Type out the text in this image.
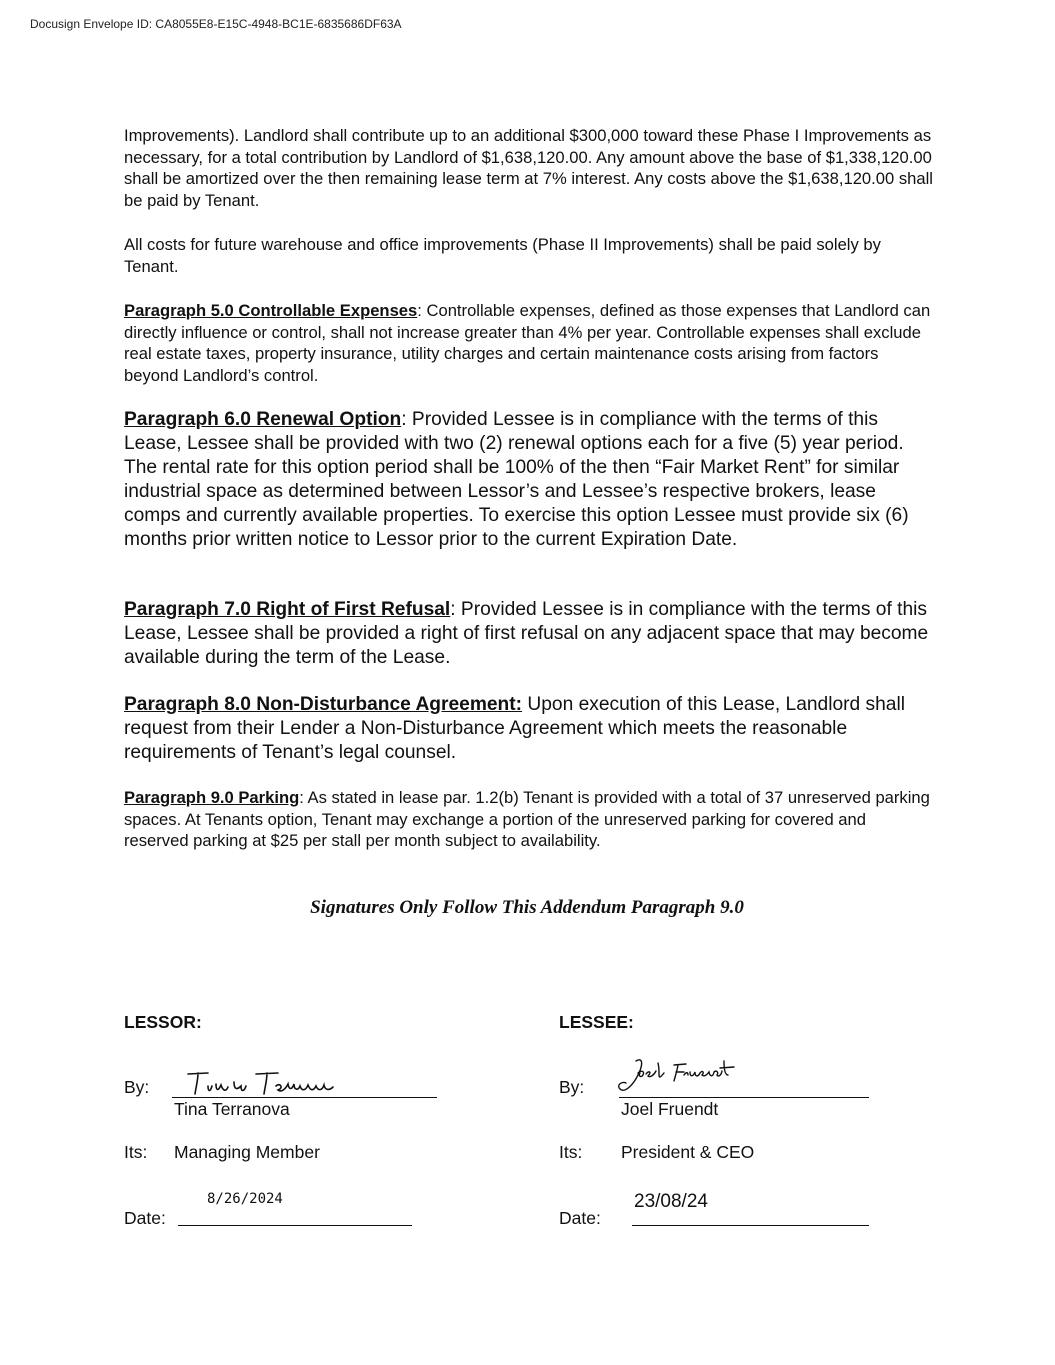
Docusign Envelope ID: CA8055E8-E15C-4948-BC1E-6835686DF63A

Improvements). Landlord shall contribute up to an additional $300,000 toward these Phase I Improvements as necessary, for a total contribution by Landlord of $1,638,120.00. Any amount above the base of $1,338,120.00 shall be amortized over the then remaining lease term at 7% interest. Any costs above the $1,638,120.00 shall be paid by Tenant.

All costs for future warehouse and office improvements (Phase II Improvements) shall be paid solely by Tenant.

Paragraph 5.0 Controllable Expenses: Controllable expenses, defined as those expenses that Landlord can directly influence or control, shall not increase greater than 4% per year. Controllable expenses shall exclude real estate taxes, property insurance, utility charges and certain maintenance costs arising from factors beyond Landlord’s control.

Paragraph 6.0 Renewal Option: Provided Lessee is in compliance with the terms of this Lease, Lessee shall be provided with two (2) renewal options each for a five (5) year period. The rental rate for this option period shall be 100% of the then “Fair Market Rent” for similar industrial space as determined between Lessor’s and Lessee’s respective brokers, lease comps and currently available properties. To exercise this option Lessee must provide six (6) months prior written notice to Lessor prior to the current Expiration Date.

Paragraph 7.0 Right of First Refusal: Provided Lessee is in compliance with the terms of this Lease, Lessee shall be provided a right of first refusal on any adjacent space that may become available during the term of the Lease.

Paragraph 8.0 Non-Disturbance Agreement: Upon execution of this Lease, Landlord shall request from their Lender a Non-Disturbance Agreement which meets the reasonable requirements of Tenant’s legal counsel.

Paragraph 9.0 Parking: As stated in lease par. 1.2(b) Tenant is provided with a total of 37 unreserved parking spaces. At Tenants option, Tenant may exchange a portion of the unreserved parking for covered and reserved parking at $25 per stall per month subject to availability.

Signatures Only Follow This Addendum Paragraph 9.0
LESSOR:
By:
Tina Terranova
Its: Managing Member
8/26/2024
Date:
LESSEE:
By:
Joel Fruendt
Its: President & CEO
23/08/24
Date:
